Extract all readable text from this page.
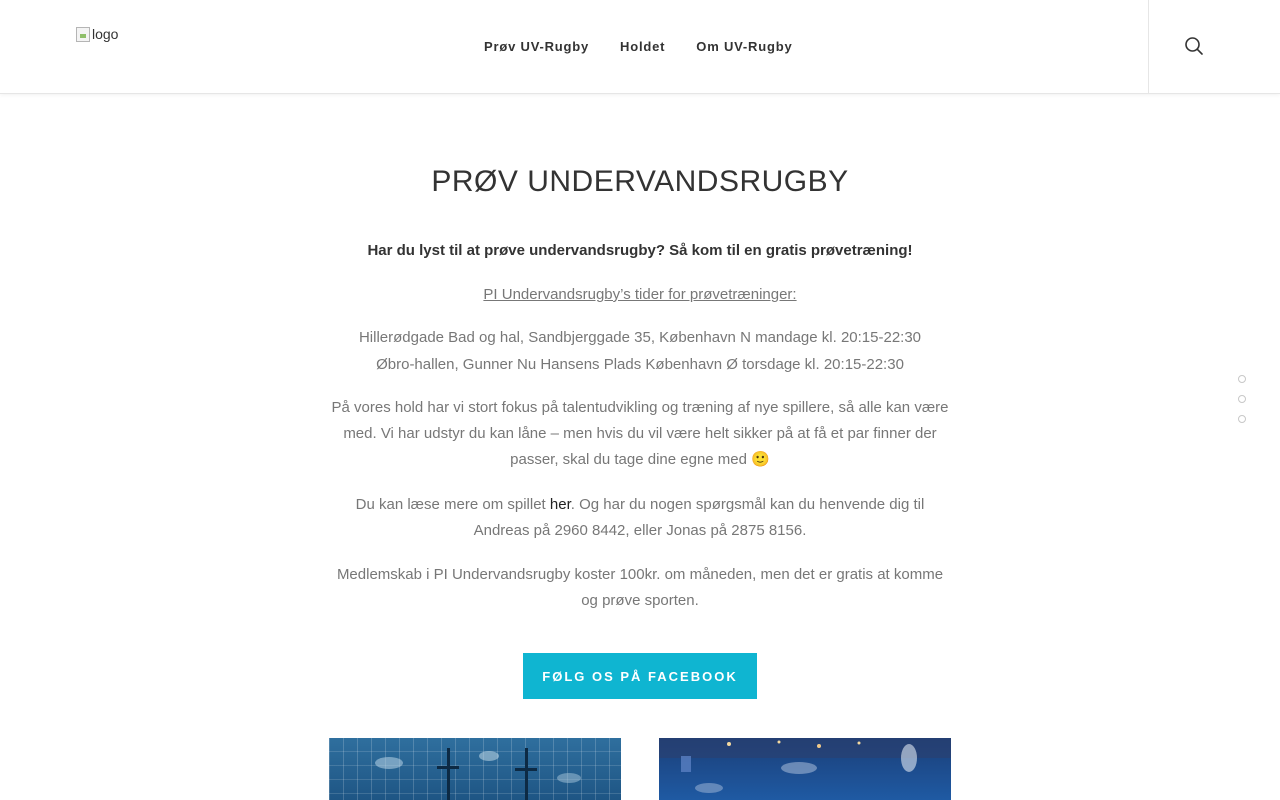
logo
Prøv UV-Rugby Holdet Om UV-Rugby
PRØV UNDERVANDSRUGBY
Har du lyst til at prøve undervandsrugby? Så kom til en gratis prøvetræning!
PI Undervandsrugby’s tider for prøvetræninger:

Hillerødgade Bad og hal, Sandbjerggade 35, København N mandage kl. 20:15-22:30
Øbro-hallen, Gunner Nu Hansens Plads København Ø torsdage kl. 20:15-22:30

På vores hold har vi stort fokus på talentudvikling og træning af nye spillere, så alle kan være med. Vi har udstyr du kan låne – men hvis du vil være helt sikker på at få et par finner der passer, skal du tage dine egne med 🙂

Du kan læse mere om spillet her. Og har du nogen spørgsmål kan du henvende dig til Andreas på 2960 8442, eller Jonas på 2875 8156.

Medlemskab i PI Undervandsrugby koster 100kr. om måneden, men det er gratis at komme og prøve sporten.

FØLG OS PÅ FACEBOOK
